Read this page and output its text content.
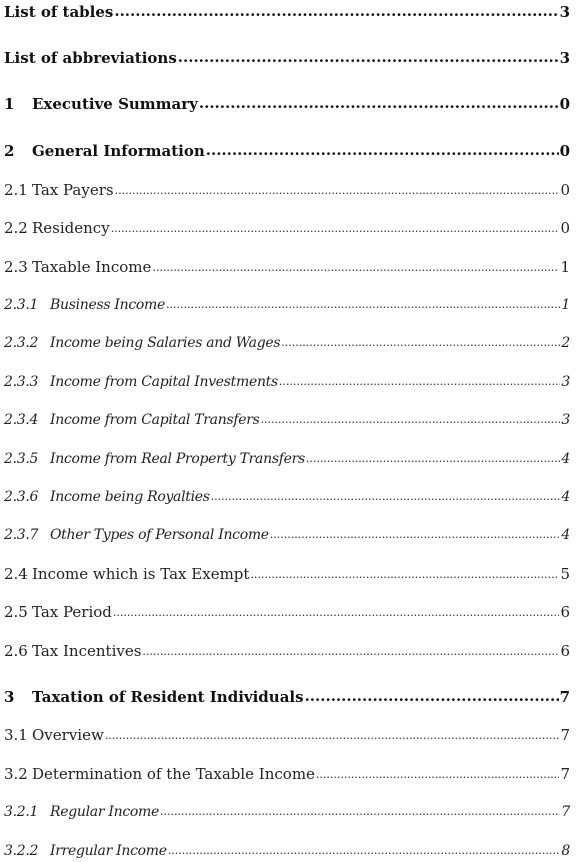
List of tables .....	3
List of abbreviations .....	3
1	Executive Summary .....	0
2	General Information .....	0
2.1 Tax Payers .....	0
2.2 Residency .....	0
2.3 Taxable Income .....	1
2.3.1 Business Income .....	1
2.3.2 Income being Salaries and Wages .....	2
2.3.3 Income from Capital Investments .....	3
2.3.4 Income from Capital Transfers .....	3
2.3.5 Income from Real Property Transfers .....	4
2.3.6 Income being Royalties .....	4
2.3.7 Other Types of Personal Income .....	4
2.4 Income which is Tax Exempt .....	5
2.5 Tax Period .....	6
2.6 Tax Incentives .....	6
3	Taxation of Resident Individuals .....	7
3.1 Overview .....	7
3.2 Determination of the Taxable Income .....	7
3.2.1 Regular Income .....	7
3.2.2 Irregular Income .....	8
